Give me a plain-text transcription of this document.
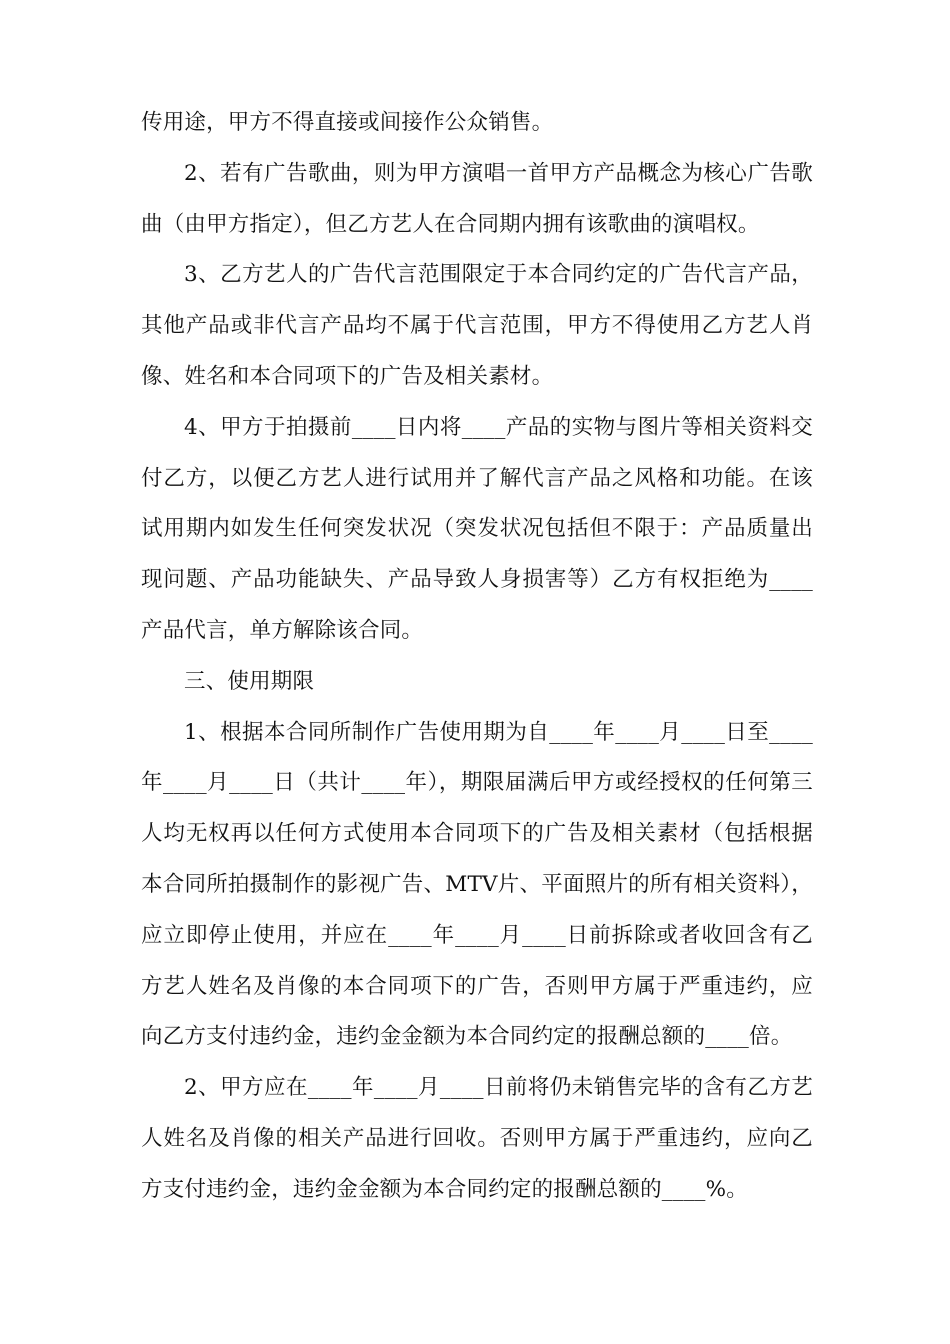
传用途，甲方不得直接或间接作公众销售。

2、若有广告歌曲，则为甲方演唱一首甲方产品概念为核心广告歌曲（由甲方指定），但乙方艺人在合同期内拥有该歌曲的演唱权。

3、乙方艺人的广告代言范围限定于本合同约定的广告代言产品，其他产品或非代言产品均不属于代言范围，甲方不得使用乙方艺人肖像、姓名和本合同项下的广告及相关素材。

4、甲方于拍摄前____日内将____产品的实物与图片等相关资料交付乙方，以便乙方艺人进行试用并了解代言产品之风格和功能。在该试用期内如发生任何突发状况（突发状况包括但不限于：产品质量出现问题、产品功能缺失、产品导致人身损害等）乙方有权拒绝为____产品代言，单方解除该合同。

三、使用期限

1、根据本合同所制作广告使用期为自____年____月____日至____年____月____日（共计____年），期限届满后甲方或经授权的任何第三人均无权再以任何方式使用本合同项下的广告及相关素材（包括根据本合同所拍摄制作的影视广告、MTV片、平面照片的所有相关资料），应立即停止使用，并应在____年____月____日前拆除或者收回含有乙方艺人姓名及肖像的本合同项下的广告，否则甲方属于严重违约，应向乙方支付违约金，违约金金额为本合同约定的报酬总额的____倍。

2、甲方应在____年____月____日前将仍未销售完毕的含有乙方艺人姓名及肖像的相关产品进行回收。否则甲方属于严重违约，应向乙方支付违约金，违约金金额为本合同约定的报酬总额的____%。
